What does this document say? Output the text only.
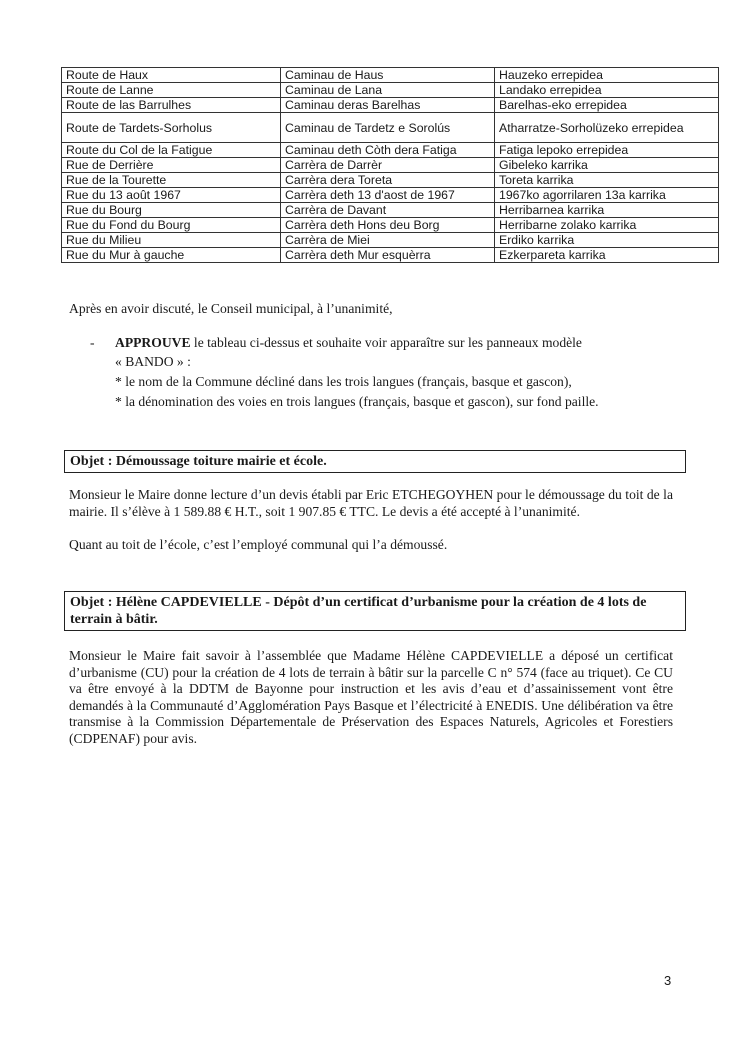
Route de Haux	Caminau de Haus	Hauzeko errepidea
Route de Lanne	Caminau de Lana	Landako errepidea
Route de las Barrulhes	Caminau deras Barelhas	Barelhas-eko errepidea
Route de Tardets-Sorholus	Caminau de Tardetz e Sorolús	Atharratze-Sorholüzeko errepidea
Route du Col de la Fatigue	Caminau deth Còth dera Fatiga	Fatiga lepoko errepidea
Rue de Derrière	Carrèra de Darrèr	Gibeleko karrika
Rue de la Tourette	Carrèra dera Toreta	Toreta karrika
Rue du 13 août 1967	Carrèra deth 13 d'aost de 1967	1967ko agorrilaren 13a karrika
Rue du Bourg	Carrèra de Davant	Herribarnea karrika
Rue du Fond du Bourg	Carrèra deth Hons deu Borg	Herribarne zolako karrika
Rue du Milieu	Carrèra de Miei	Erdiko karrika
Rue du Mur à gauche	Carrèra deth Mur esquèrra	Ezkerpareta karrika

Après en avoir discuté, le Conseil municipal, à l’unanimité,

- APPROUVE le tableau ci-dessus et souhaite voir apparaître sur les panneaux modèle
« BANDO » :
* le nom de la Commune décliné dans les trois langues (français, basque et gascon),
* la dénomination des voies en trois langues (français, basque et gascon), sur fond paille.
Objet : Démoussage toiture mairie et école.

Monsieur le Maire donne lecture d’un devis établi par Eric ETCHEGOYHEN pour le démoussage du toit de la mairie. Il s’élève à 1 589.88 € H.T., soit 1 907.85 € TTC. Le devis a été accepté à l’unanimité.

Quant au toit de l’école, c’est l’employé communal qui l’a démoussé.

Objet : Hélène CAPDEVIELLE - Dépôt d’un certificat d’urbanisme pour la création de 4 lots de terrain à bâtir.

Monsieur le Maire fait savoir à l’assemblée que Madame Hélène CAPDEVIELLE a déposé un certificat d’urbanisme (CU) pour la création de 4 lots de terrain à bâtir sur la parcelle C n° 574 (face au triquet). Ce CU va être envoyé à la DDTM de Bayonne pour instruction et les avis d’eau et d’assainissement vont être demandés à la Communauté d’Agglomération Pays Basque et l’électricité à ENEDIS. Une délibération va être transmise à la Commission Départementale de Préservation des Espaces Naturels, Agricoles et Forestiers (CDPENAF) pour avis.

3
